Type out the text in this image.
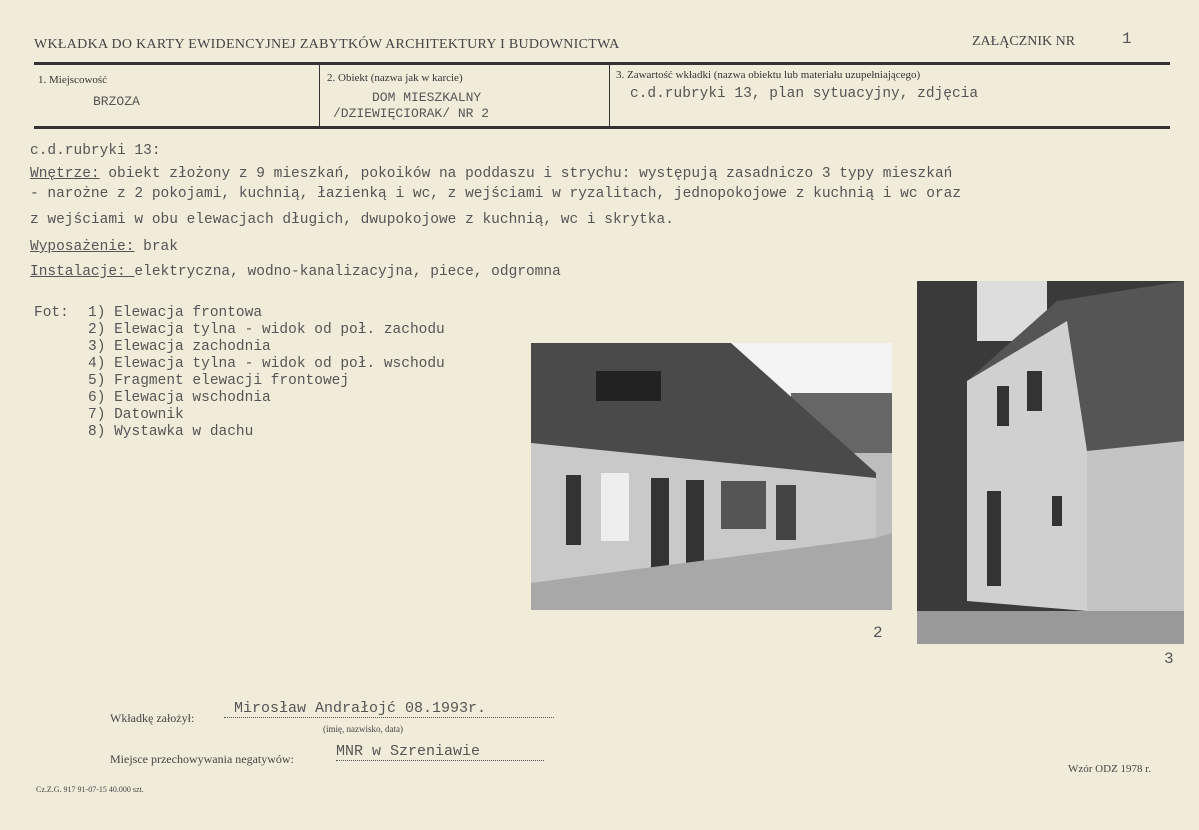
WKŁADKA DO KARTY EWIDENCYJNEJ ZABYTKÓW ARCHITEKTURY I BUDOWNICTWA	ZAŁĄCZNIK NR	1
1. Miejscowość
BRZOZA
2. Obiekt (nazwa jak w karcie)
DOM MIESZKALNY
/DZIEWIĘCIORAK/ NR 2
3. Zawartość wkładki (nazwa obiektu lub materiału uzupełniającego)
c.d.rubryki 13, plan sytuacyjny, zdjęcia
c.d.rubryki 13:
Wnętrze: obiekt złożony z 9 mieszkań, pokoików na poddaszu i strychu: występują zasadniczo 3 typy mieszkań
- narożne z 2 pokojami, kuchnią, łazienką i wc, z wejściami w ryzalitach, jednopokojowe z kuchnią i wc oraz
z wejściami w obu elewacjach długich, dwupokojowe z kuchnią, wc i skrytka.
Wyposażenie: brak
Instalacje: elektryczna, wodno-kanalizacyjna, piece, odgromna
Fot: 1) Elewacja frontowa
2) Elewacja tylna - widok od poł. zachodu
3) Elewacja zachodnia
4) Elewacja tylna - widok od poł. wschodu
5) Fragment elewacji frontowej
6) Elewacja wschodnia
7) Datownik
8) Wystawka w dachu

2
3
Wkładkę założył:
Mirosław Andrałojć 08.1993r.
(imię, nazwisko, data)
Miejsce przechowywania negatywów:	MNR w Szreniawie
Wzór ODZ 1978 r.
Cz.Z.G. 917 91-07-15 40.000 szt.
